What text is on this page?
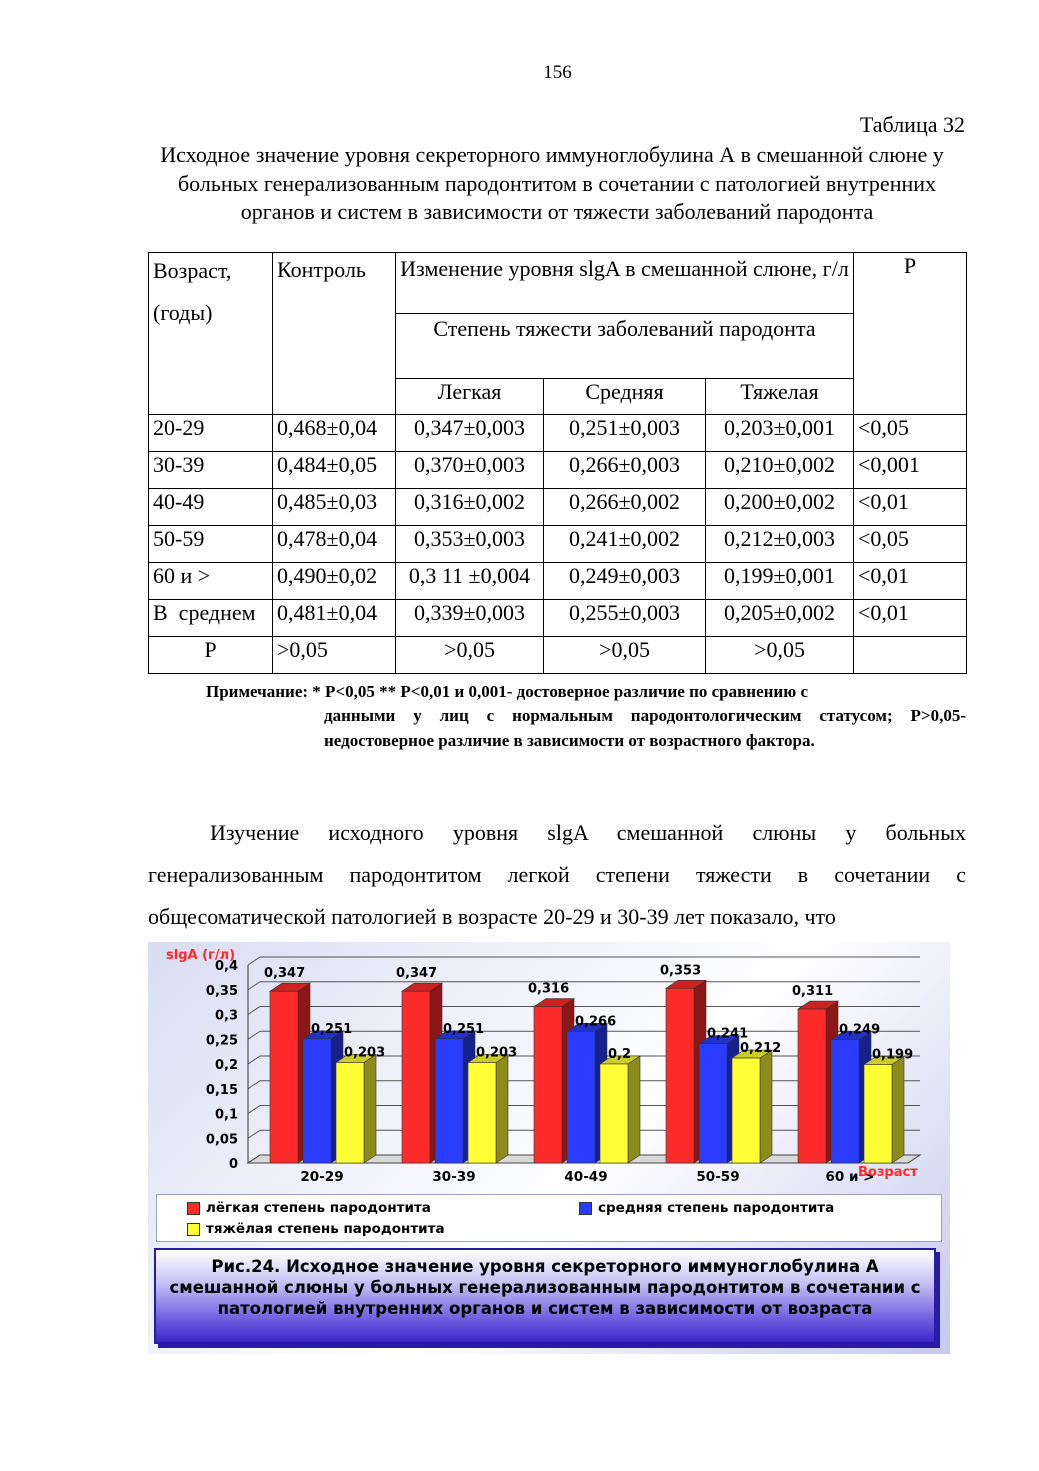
156
Таблица 32
Исходное значение уровня секреторного иммуноглобулина А в смешанной слюне у больных генерализованным пародонтитом в сочетании с патологией внутренних органов и систем в зависимости от тяжести заболеваний пародонта
Возраст,
(годы)	Контроль	Изменение уровня slgA в смешанной слюне, г/л			Р
		Степень тяжести заболеваний пародонта			
		Легкая	Средняя	Тяжелая	
20-29	0,468±0,04	0,347±0,003	0,251±0,003	0,203±0,001	<0,05
30-39	0,484±0,05	0,370±0,003	0,266±0,003	0,210±0,002	<0,001
40-49	0,485±0,03	0,316±0,002	0,266±0,002	0,200±0,002	<0,01
50-59	0,478±0,04	0,353±0,003	0,241±0,002	0,212±0,003	<0,05
60 и >	0,490±0,02	0,3 11 ±0,004	0,249±0,003	0,199±0,001	<0,01
В  среднем	0,481±0,04	0,339±0,003	0,255±0,003	0,205±0,002	<0,01
Р	>0,05	>0,05	>0,05	>0,05	
Примечание: * Р<0,05 ** Р<0,01 и 0,001- достоверное различие по сравнению с
данными у лиц с нормальным пародонтологическим статусом; Р>0,05- недостоверное различие в зависимости от возрастного фактора.
Изучение исходного уровня slgA смешанной слюны у больных генерализованным пародонтитом легкой степени тяжести в сочетании с общесоматической патологией в возрасте 20-29 и 30-39 лет показало, что
0
0,05
0,1
0,15
0,2
0,25
0,3
0,35
0,4 0,347
0,251
0,203
20-29
0,347
0,251
0,203
30-39
0,316
0,266
0,2
40-49
0,353
0,241
0,212
50-59
0,311
0,249
0,199
60 и >
slgA (г/л)
Возраст
лёгкая степень пародонтита	средняя степень пародонтита
тяжёлая степень пародонтита
Рис.24. Исходное значение уровня секреторного иммуноглобулина А смешанной слюны у больных генерализованным пародонтитом в сочетании с патологией внутренних органов и систем в зависимости от возраста
